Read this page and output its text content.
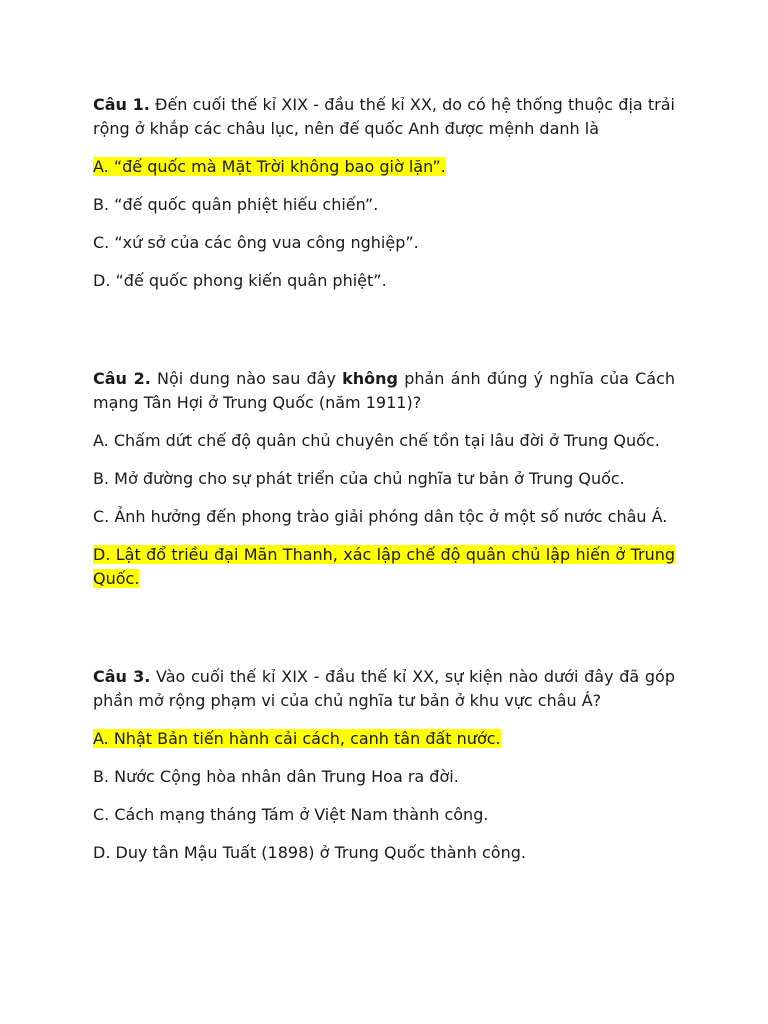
Câu 1. Đến cuối thế kỉ XIX - đầu thế kỉ XX, do có hệ thống thuộc địa trải rộng ở khắp các châu lục, nên đế quốc Anh được mệnh danh là

A. “đế quốc mà Mặt Trời không bao giờ lặn”.

B. “đế quốc quân phiệt hiếu chiến”.

C. “xứ sở của các ông vua công nghiệp”.

D. “đế quốc phong kiến quân phiệt”.

Câu 2. Nội dung nào sau đây không phản ánh đúng ý nghĩa của Cách mạng Tân Hợi ở Trung Quốc (năm 1911)?

A. Chấm dứt chế độ quân chủ chuyên chế tồn tại lâu đời ở Trung Quốc.

B. Mở đường cho sự phát triển của chủ nghĩa tư bản ở Trung Quốc.

C. Ảnh hưởng đến phong trào giải phóng dân tộc ở một số nước châu Á.

D. Lật đổ triều đại Mãn Thanh, xác lập chế độ quân chủ lập hiến ở Trung Quốc.

Câu 3. Vào cuối thế kỉ XIX - đầu thế kỉ XX, sự kiện nào dưới đây đã góp phần mở rộng phạm vi của chủ nghĩa tư bản ở khu vực châu Á?

A. Nhật Bản tiến hành cải cách, canh tân đất nước.

B. Nước Cộng hòa nhân dân Trung Hoa ra đời.

C. Cách mạng tháng Tám ở Việt Nam thành công.

D. Duy tân Mậu Tuất (1898) ở Trung Quốc thành công.
